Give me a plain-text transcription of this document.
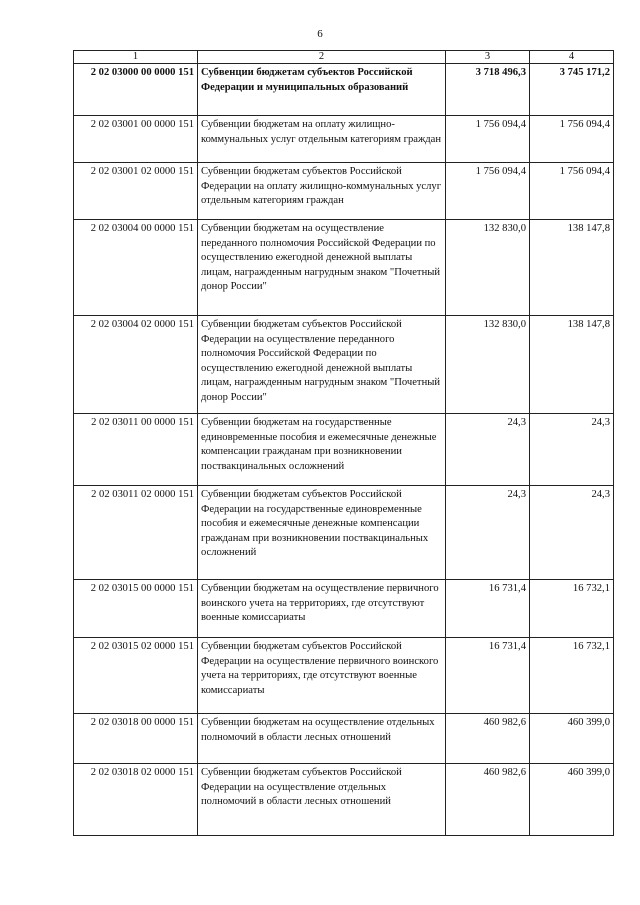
6
1	2	3	4
2 02 03000 00 0000 151	Субвенции бюджетам субъектов Российской Федерации и муниципальных образований	3 718 496,3	3 745 171,2
2 02 03001 00 0000 151	Субвенции бюджетам на оплату жилищно-коммунальных услуг отдельным категориям граждан	1 756 094,4	1 756 094,4
2 02 03001 02 0000 151	Субвенции бюджетам субъектов Российской Федерации на оплату жилищно-коммунальных услуг отдельным категориям граждан	1 756 094,4	1 756 094,4
2 02 03004 00 0000 151	Субвенции бюджетам на осуществление переданного полномочия Российской Федерации по осуществлению ежегодной денежной выплаты лицам, награжденным нагрудным знаком "Почетный донор России"	132 830,0	138 147,8
2 02 03004 02 0000 151	Субвенции бюджетам субъектов Российской Федерации на осуществление переданного полномочия Российской Федерации по осуществлению ежегодной денежной выплаты лицам, награжденным нагрудным знаком "Почетный донор России"	132 830,0	138 147,8
2 02 03011 00 0000 151	Субвенции бюджетам на государственные единовременные пособия и ежемесячные денежные компенсации гражданам при возникновении поствакцинальных осложнений	24,3	24,3
2 02 03011 02 0000 151	Субвенции бюджетам субъектов Российской Федерации на государственные единовременные пособия и ежемесячные денежные компенсации гражданам при возникновении поствакцинальных осложнений	24,3	24,3
2 02 03015 00 0000 151	Субвенции бюджетам на осуществление первичного воинского учета на территориях, где отсутствуют военные комиссариаты	16 731,4	16 732,1
2 02 03015 02 0000 151	Субвенции бюджетам субъектов Российской Федерации на осуществление первичного воинского учета на территориях, где отсутствуют военные комиссариаты	16 731,4	16 732,1
2 02 03018 00 0000 151	Субвенции бюджетам на осуществление отдельных полномочий в области лесных отношений	460 982,6	460 399,0
2 02 03018 02 0000 151	Субвенции бюджетам субъектов Российской Федерации на осуществление отдельных полномочий в области лесных отношений	460 982,6	460 399,0
